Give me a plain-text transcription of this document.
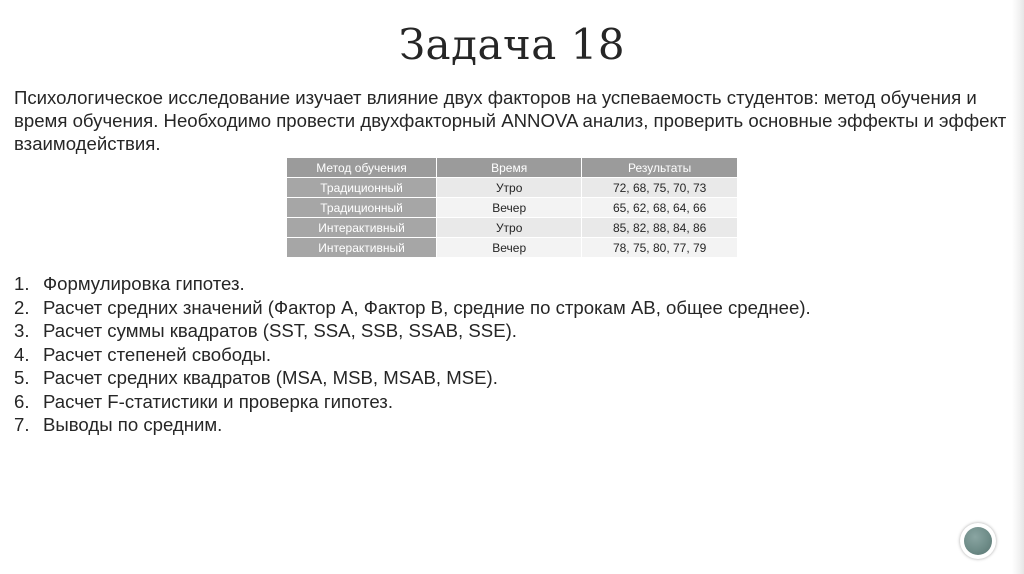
Задача 18

Психологическое исследование изучает влияние двух факторов на успеваемость студентов: метод обучения и время обучения. Необходимо провести двухфакторный ANNOVA анализ, проверить основные эффекты и эффект взаимодействия.

Метод обучения	Время	Результаты
Традиционный	Утро	72, 68, 75, 70, 73
Традиционный	Вечер	65, 62, 68, 64, 66
Интерактивный	Утро	85, 82, 88, 84, 86
Интерактивный	Вечер	78, 75, 80, 77, 79
1. Формулировка гипотез.
2. Расчет средних значений (Фактор А, Фактор B, средние по строкам AB, общее среднее).
3. Расчет суммы квадратов (SST, SSA, SSB, SSAB, SSE).
4. Расчет степеней свободы.
5. Расчет средних квадратов (MSA, MSB, MSAB, MSE).
6. Расчет F-статистики и проверка гипотез.
7. Выводы по средним.
